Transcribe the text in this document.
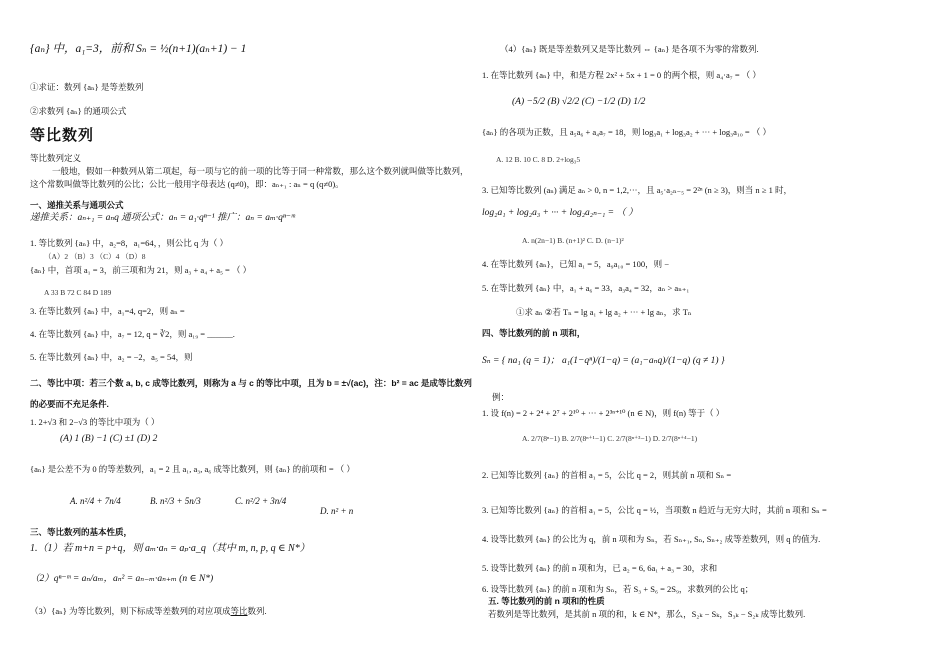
{aₙ} 中，a₁=3，前和 Sₙ = ½(n+1)(aₙ+1) − 1
①求证：数列 {aₙ} 是等差数列
②求数列 {aₙ} 的通项公式
等比数列
等比数列定义
一般地，假如一种数列从第二项起，每一项与它的前一项的比等于同一种常数，那么这个数列就叫做等比数列，
这个常数叫做等比数列的公比；公比一般用字母表达 (q≠0)，即：aₙ₊₁ : aₙ = q (q≠0)。
一、递推关系与通项公式
递推关系：aₙ₊₁ = aₙq 通项公式：aₙ = a₁·qⁿ⁻¹ 推广：aₙ = aₘ·qⁿ⁻ᵐ
1. 等比数列 {aₙ} 中，a₂=8，a₁=64，，则公比 q 为（ ）
（A）2 （B）3 （C）4 （D）8
{aₙ} 中，首项 a₁ = 3，前三项和为 21，则 a₃ + a₄ + a₅ = （ ）
A 33 B 72 C 84 D 189
3. 在等比数列 {aₙ} 中，a₁=4, q=2，则 aₙ =
4. 在等比数列 {aₙ} 中，a₇ = 12, q = ∛2，则 a₁₉ = ______.
5. 在等比数列 {aₙ} 中，a₂ = −2，a₅ = 54，则
二、等比中项：若三个数 a, b, c 成等比数列，则称为 a 与 c 的等比中项，且为 b = ±√(ac)，注：b² = ac 是成等比数列
的必要而不充足条件.
1. 2+√3 和 2−√3 的等比中项为（ ）
(A) 1 (B) −1 (C) ±1 (D) 2
{aₙ} 是公差不为 0 的等差数列，a₁ = 2 且 a₁, a₃, a₆ 成等比数列，则 {aₙ} 的前项和 = （ ）
A. n²/4 + 7n/4	B. n²/3 + 5n/3	C. n²/2 + 3n/4
D. n² + n
三、等比数列的基本性质，
1.（1）若 m+n = p+q，则 aₘ·aₙ = aₚ·a_q（其中 m, n, p, q ∈ N*）
（2）qⁿ⁻ᵐ = aₙ/aₘ，aₙ² = aₙ₋ₘ·aₙ₊ₘ (n ∈ N*)
（3）{aₙ} 为等比数列，则下标成等差数列的对应项成等比数列.
（4）{aₙ} 既是等差数列又是等比数列 ⇔ {aₙ} 是各项不为零的常数列.
1. 在等比数列 {aₙ} 中，和是方程 2x² + 5x + 1 = 0 的两个根，则 a₄·a₇ = （ ）
(A) −5/2 (B) √2/2 (C) −1/2 (D) 1/2
{aₙ} 的各项为正数，且 a₅a₆ + a₄a₇ = 18，则 log₃a₁ + log₃a₂ + ··· + log₃a₁₀ = （ ）
A. 12 B. 10 C. 8 D. 2+log₃5
3. 已知等比数列 (aₙ) 满足 aₙ > 0, n = 1,2,···，且 a₅·a₂ₙ₋₅ = 2²ⁿ (n ≥ 3)，则当 n ≥ 1 时，
log₂a₁ + log₂a₃ + ··· + log₂a₂ₙ₋₁ = （ ）
A. n(2n−1) B. (n+1)² C. D. (n−1)²
4. 在等比数列 {aₙ}，已知 a₁ = 5，a₉a₁₀ = 100，则 −
5. 在等比数列 {aₙ} 中，a₁ + a₆ = 33，a₃a₄ = 32，aₙ > aₙ₊₁
①求 aₙ ②若 Tₙ = lg a₁ + lg a₂ + ··· + lg aₙ，求 Tₙ
四、等比数列的前 n 项和，
Sₙ = { na₁ (q = 1)； a₁(1−qⁿ)/(1−q) = (a₁−aₙq)/(1−q) (q ≠ 1) }
例：
1. 设 f(n) = 2 + 2⁴ + 2⁷ + 2¹⁰ + ··· + 2³ⁿ⁺¹⁰ (n ∈ N)，则 f(n) 等于（ ）
A. 2/7(8ⁿ−1) B. 2/7(8ⁿ⁺¹−1) C. 2/7(8ⁿ⁺³−1) D. 2/7(8ⁿ⁺⁴−1)
2. 已知等比数列 {aₙ} 的首相 a₁ = 5，公比 q = 2，则其前 n 项和 Sₙ =
3. 已知等比数列 {aₙ} 的首相 a₁ = 5，公比 q = ½，当项数 n 趋近与无穷大时，其前 n 项和 Sₙ =
4. 设等比数列 {aₙ} 的公比为 q，前 n 项和为 Sₙ，若 Sₙ₊₁, Sₙ, Sₙ₊₂ 成等差数列，则 q 的值为.
5. 设等比数列 {aₙ} 的前 n 项和为，已 a₂ = 6, 6a₁ + a₃ = 30，求和
6. 设等比数列 {aₙ} 的前 n 项和为 Sₙ，若 S₃ + S₆ = 2S₉，求数列的公比 q；
五. 等比数列的前 n 项和的性质
若数列是等比数列，是其前 n 项的和，k ∈ N*，那么，S₂ₖ − Sₖ，S₃ₖ − S₂ₖ 成等比数列.
